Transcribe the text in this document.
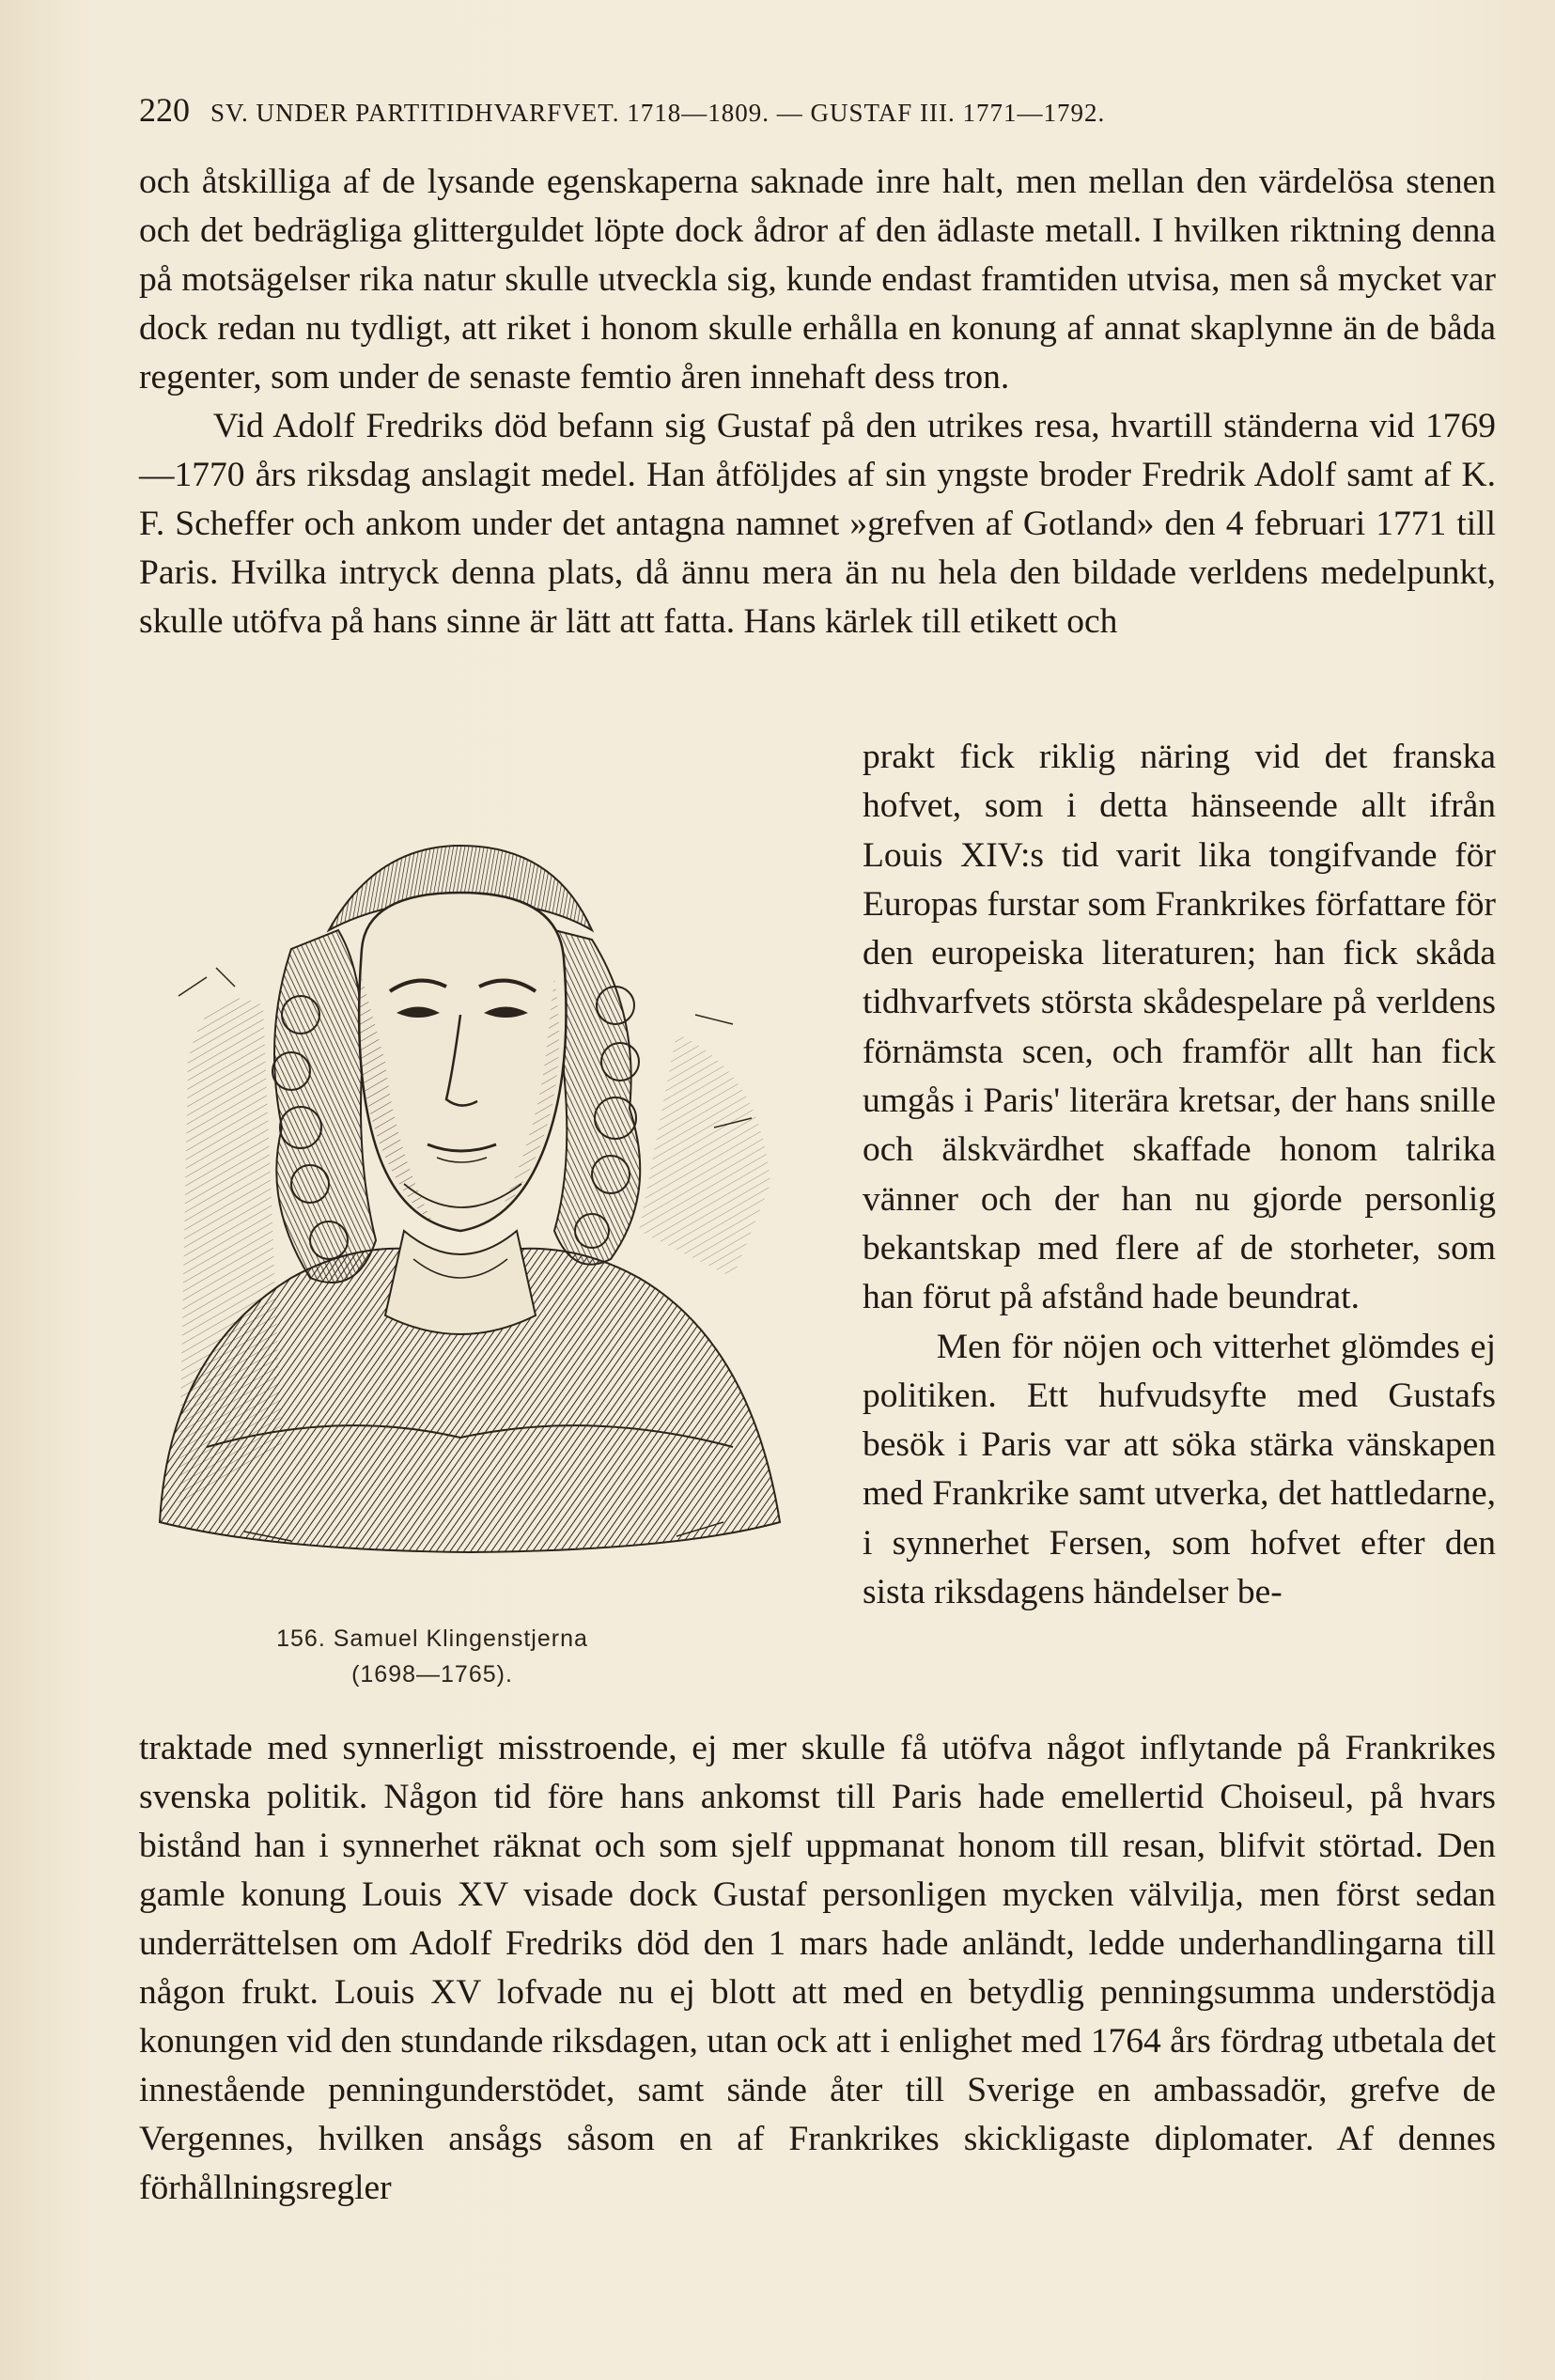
220 SV. UNDER PARTITIDHVARFVET. 1718—1809. — GUSTAF III. 1771—1792.

och åtskilliga af de lysande egenskaperna saknade inre halt, men mellan den värdelösa stenen och det bedrägliga glitterguldet löpte dock ådror af den ädlaste metall. I hvilken riktning denna på motsägelser rika natur skulle utveckla sig, kunde endast framtiden utvisa, men så mycket var dock redan nu tydligt, att riket i honom skulle erhålla en konung af annat skaplynne än de båda regenter, som under de senaste femtio åren innehaft dess tron.

Vid Adolf Fredriks död befann sig Gustaf på den utrikes resa, hvartill ständerna vid 1769—1770 års riksdag anslagit medel. Han åtföljdes af sin yngste broder Fredrik Adolf samt af K. F. Scheffer och ankom under det antagna namnet »grefven af Gotland» den 4 februari 1771 till Paris. Hvilka intryck denna plats, då ännu mera än nu hela den bildade verldens medelpunkt, skulle utöfva på hans sinne är lätt att fatta. Hans kärlek till etikett och

prakt fick riklig näring vid det franska hofvet, som i detta hänseende allt ifrån Louis XIV:s tid varit lika tongifvande för Europas furstar som Frankrikes författare för den europeiska literaturen; han fick skåda tidhvarfvets största skådespelare på verldens förnämsta scen, och framför allt han fick umgås i Paris' literära kretsar, der hans snille och älskvärdhet skaffade honom talrika vänner och der han nu gjorde personlig bekantskap med flere af de storheter, som han förut på afstånd hade beundrat.

Men för nöjen och vitterhet glömdes ej politiken. Ett hufvudsyfte med Gustafs besök i Paris var att söka stärka vänskapen med Frankrike samt utverka, det hattledarne, i synnerhet Fersen, som hofvet efter den sista riksdagens händelser be-

156. Samuel Klingenstjerna
(1698—1765).

traktade med synnerligt misstroende, ej mer skulle få utöfva något inflytande på Frankrikes svenska politik. Någon tid före hans ankomst till Paris hade emellertid Choiseul, på hvars bistånd han i synnerhet räknat och som sjelf uppmanat honom till resan, blifvit störtad. Den gamle konung Louis XV visade dock Gustaf personligen mycken välvilja, men först sedan underrättelsen om Adolf Fredriks död den 1 mars hade anländt, ledde underhandlingarna till någon frukt. Louis XV lofvade nu ej blott att med en betydlig penningsumma understödja konungen vid den stundande riksdagen, utan ock att i enlighet med 1764 års fördrag utbetala det innestående penningunderstödet, samt sände åter till Sverige en ambassadör, grefve de Vergennes, hvilken ansågs såsom en af Frankrikes skickligaste diplomater. Af dennes förhållningsregler
